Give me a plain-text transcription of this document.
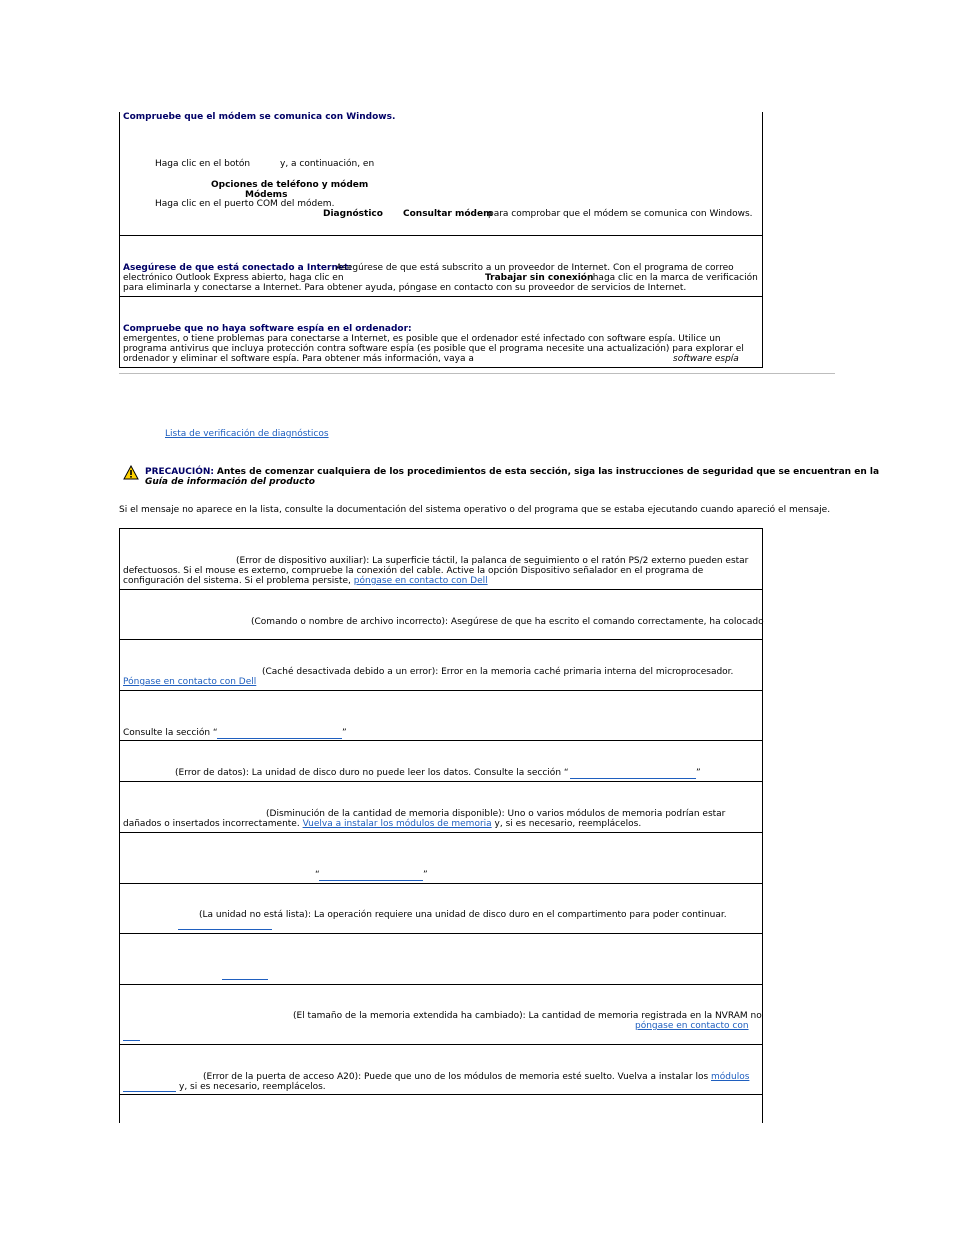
Compruebe que el módem se comunica con Windows.
Haga clic en el botón	y, a continuación, en
Opciones de teléfono y módem
Módems
Haga clic en el puerto COM del módem.
Diagnóstico Consultar módem
para comprobar que el módem se comunica con Windows.
Asegúrese de que está conectado a Internet:
Asegúrese de que está subscrito a un proveedor de Internet. Con el programa de correo
electrónico Outlook Express abierto, haga clic en	Trabajar sin conexión
, haga clic en la marca de verificación
para eliminarla y conectarse a Internet. Para obtener ayuda, póngase en contacto con su proveedor de servicios de Internet.
Compruebe que no haya software espía en el ordenador:
emergentes, o tiene problemas para conectarse a Internet, es posible que el ordenador esté infectado con software espía. Utilice un
programa antivirus que incluya protección contra software espía (es posible que el programa necesite una actualización) para explorar el
ordenador y eliminar el software espía. Para obtener más información, vaya a	software espía
Lista de verificación de diagnósticos
PRECAUCIÓN: Antes de comenzar cualquiera de los procedimientos de esta sección, siga las instrucciones de seguridad que se encuentran en la
Guía de información del producto
Si el mensaje no aparece en la lista, consulte la documentación del sistema operativo o del programa que se estaba ejecutando cuando apareció el mensaje.
(Error de dispositivo auxiliar): La superficie táctil, la palanca de seguimiento o el ratón PS/2 externo pueden estar
defectuosos. Si el mouse es externo, compruebe la conexión del cable. Active la opción Dispositivo señalador en el programa de
configuración del sistema. Si el problema persiste, póngase en contacto con Dell
(Comando o nombre de archivo incorrecto): Asegúrese de que ha escrito el comando correctamente, ha colocado
(Caché desactivada debido a un error): Error en la memoria caché primaria interna del microprocesador.
Póngase en contacto con Dell
Consulte la sección “	”
(Error de datos): La unidad de disco duro no puede leer los datos. Consulte la sección “	”
(Disminución de la cantidad de memoria disponible): Uno o varios módulos de memoria podrían estar
dañados o insertados incorrectamente. Vuelva a instalar los módulos de memoria y, si es necesario, reemplácelos.
“	”
(La unidad no está lista): La operación requiere una unidad de disco duro en el compartimento para poder continuar.
(El tamaño de la memoria extendida ha cambiado): La cantidad de memoria registrada en la NVRAM no
póngase en contacto con
(Error de la puerta de acceso A20): Puede que uno de los módulos de memoria esté suelto. Vuelva a instalar los módulos
y, si es necesario, reemplácelos.
